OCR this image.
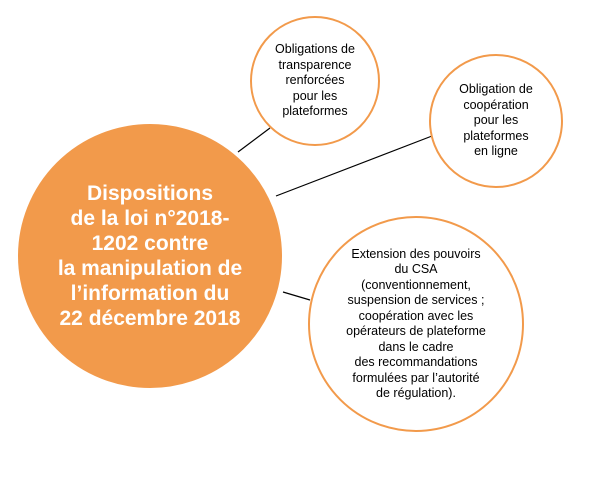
Dispositions
de la loi n°2018-
1202 contre
la manipulation de
l’information du
22 décembre 2018
Obligations de
transparence
renforcées
pour les
plateformes
Obligation de
coopération
pour les
plateformes
en ligne
Extension des pouvoirs
du CSA
(conventionnement,
suspension de services ;
coopération avec les
opérateurs de plateforme
dans le cadre
des recommandations
formulées par l’autorité
de régulation).
